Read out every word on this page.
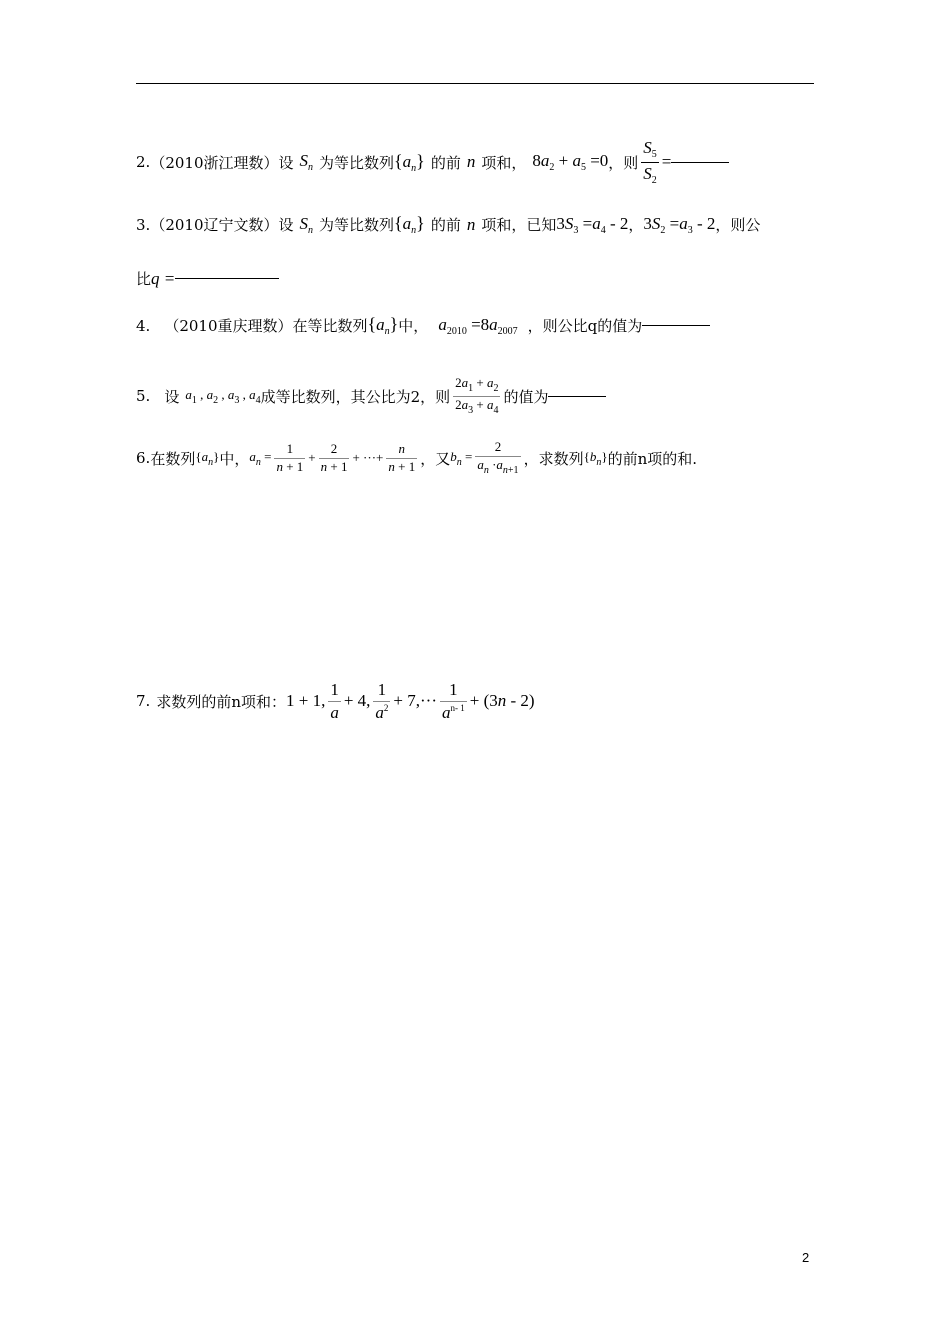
2. （2010浙江理数） 设 $S_n$ 为等比数列 $\{a_n\}$ 的前 n 项和， $8a_2 + a_5 =0$ ，则 $\frac{S_5}{S_2}$ =
3. （2010辽宁文数） 设 $S_n$ 为等比数列 $\{a_n\}$ 的前 n 项和，已知 $3S_3 =a_4 - 2$ ， $3S_2 =a_3 - 2$ ，则公
比 q =
4. （2010重庆理数） 在等比数列 $\{a_n\}$ 中， $a_{2010} =8a_{2007}$ ，则公比q的值为
5. 设 $a_1$ , $a_2$ , $a_3$ , $a_4$ 成等比数列，其公比为2，则 $\frac{2a_1 + a_2}{2a_3 + a_4}$ 的值为
6. 在数列 $\{a_n\}$ 中， $a_n = \frac{1}{n + 1} + \frac{2}{n + 1}$ + ···+ $\frac{n}{n + 1}$ ，又 $b_n = \frac{2}{a_n \cdot a_{n+1}}$ ，求数列 $\{b_n\}$ 的前n项的和.
7. 求数列的前n项和： 1 + 1, $\frac{1}{a} + 4$, $\frac{1}{a^2} + 7,\cdot\cdot\cdot \frac{1}{a^{n- 1}} + (3n - 2)$
2
